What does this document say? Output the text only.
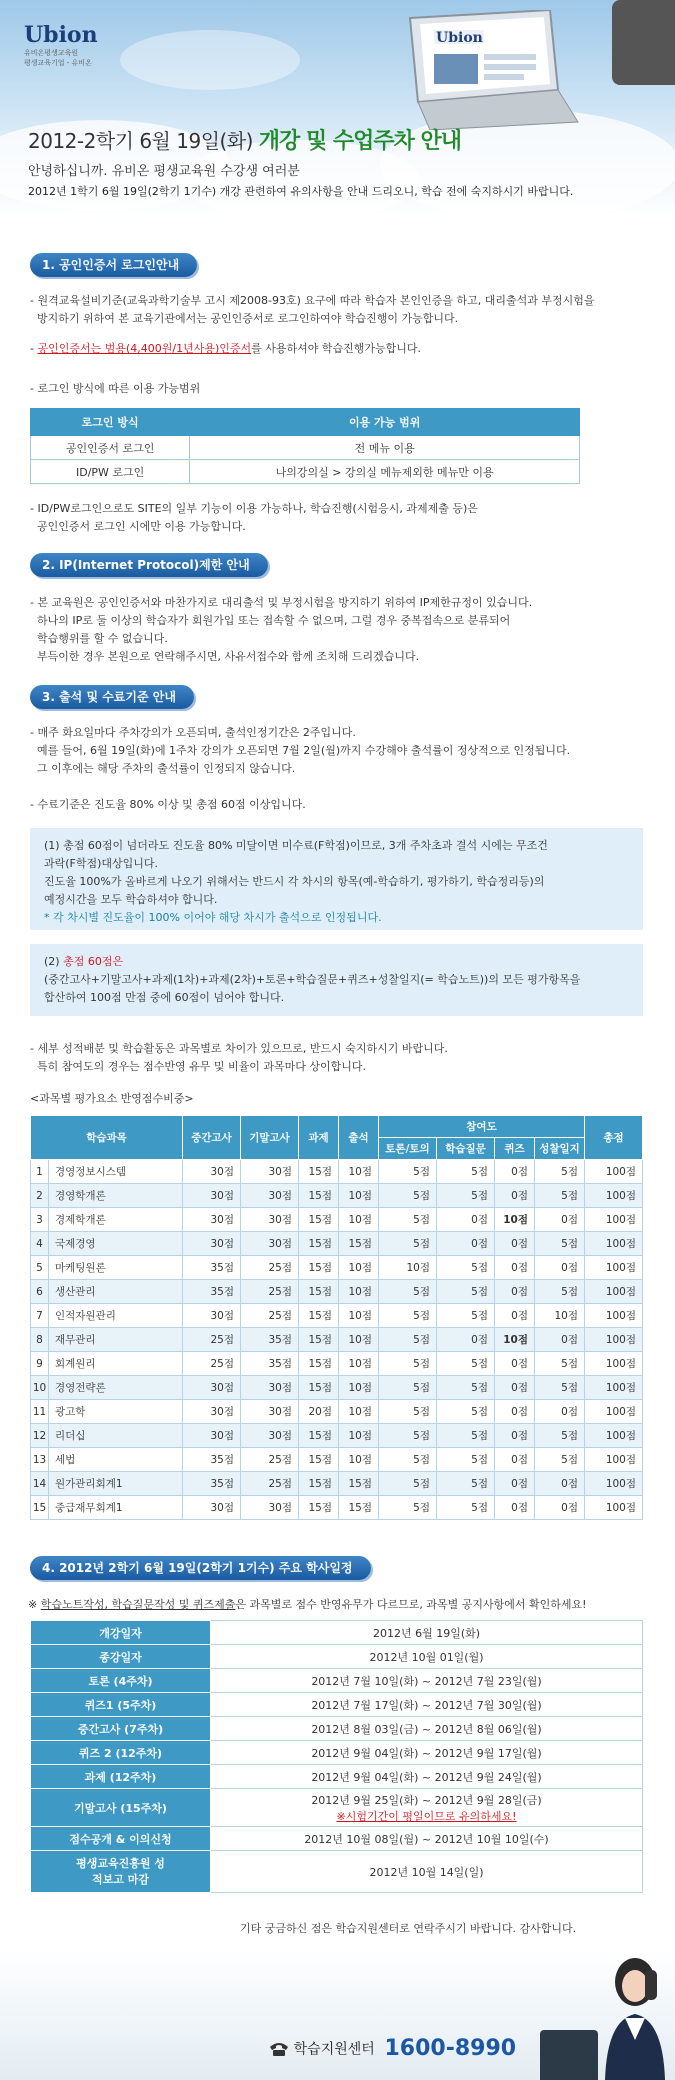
Ubion
유비온평생교육원
평생교육기업 - 유비온
Ubion
2012-2학기 6월 19일(화) 개강 및 수업주차 안내
안녕하십니까. 유비온 평생교육원 수강생 여러분
2012년 1학기 6월 19일(2학기 1기수) 개강 관련하여 유의사항을 안내 드리오니, 학습 전에 숙지하시기 바랍니다.
1. 공인인증서 로그인안내
- 원격교육설비기준(교육과학기술부 고시 제2008-93호) 요구에 따라 학습자 본인인증을 하고, 대리출석과 부정시험을
방지하기 위하여 본 교육기관에서는 공인인증서로 로그인하여야 학습진행이 가능합니다.
- 공인인증서는 범용(4,400원/1년사용)인증서를 사용하셔야 학습진행가능합니다.
- 로그인 방식에 따른 이용 가능범위
로그인 방식	이용 가능 범위
공인인증서 로그인	전 메뉴 이용
ID/PW 로그인	나의강의실 > 강의실 메뉴제외한 메뉴만 이용
- ID/PW로그인으로도 SITE의 일부 기능이 이용 가능하나, 학습진행(시험응시, 과제제출 등)은
공인인증서 로그인 시에만 이용 가능합니다.
2. IP(Internet Protocol)제한 안내
- 본 교육원은 공인인증서와 마찬가지로 대리출석 및 부정시험을 방지하기 위하여 IP제한규정이 있습니다.
하나의 IP로 둘 이상의 학습자가 회원가입 또는 접속할 수 없으며, 그럴 경우 중복접속으로 분류되어
학습행위를 할 수 없습니다.
부득이한 경우 본원으로 연락해주시면, 사유서접수와 함께 조치해 드리겠습니다.
3. 출석 및 수료기준 안내
- 매주 화요일마다 주차강의가 오픈되며, 출석인정기간은 2주입니다.
예를 들어, 6월 19일(화)에 1주차 강의가 오픈되면 7월 2일(월)까지 수강해야 출석률이 정상적으로 인정됩니다.
그 이후에는 해당 주차의 출석률이 인정되지 않습니다.
- 수료기준은 진도율 80% 이상 및 총점 60점 이상입니다.
(1) 총점 60점이 넘더라도 진도율 80% 미달이면 미수료(F학점)이므로, 3개 주차초과 결석 시에는 무조건
과락(F학점)대상입니다.
진도율 100%가 올바르게 나오기 위해서는 반드시 각 차시의 항목(예-학습하기, 평가하기, 학습정리등)의
예정시간을 모두 학습하셔야 합니다.
* 각 차시별 진도율이 100% 이어야 해당 차시가 출석으로 인정됩니다.
(2) 총점 60점은
(중간고사+기말고사+과제(1차)+과제(2차)+토론+학습질문+퀴즈+성찰일지(= 학습노트))의 모든 평가항목을
합산하여 100점 만점 중에 60점이 넘어야 합니다.
- 세부 성적배분 및 학습활동은 과목별로 차이가 있으므로, 반드시 숙지하시기 바랍니다.
특히 참여도의 경우는 점수반영 유무 및 비율이 과목마다 상이합니다.
<과목별 평가요소 반영점수비중>
학습과목		중간고사	기말고사	과제	출석	참여도				총점
						토론/토의	학습질문	퀴즈	성찰일지	
1	경영정보시스템	30점	30점	15점	10점	5점	5점	0점	5점	100점
2	경영학개론	30점	30점	15점	10점	5점	5점	0점	5점	100점
3	경제학개론	30점	30점	15점	10점	5점	0점	10점	0점	100점
4	국제경영	30점	30점	15점	15점	5점	0점	0점	5점	100점
5	마케팅원론	35점	25점	15점	10점	10점	5점	0점	0점	100점
6	생산관리	35점	25점	15점	10점	5점	5점	0점	5점	100점
7	인적자원관리	30점	25점	15점	10점	5점	5점	0점	10점	100점
8	재무관리	25점	35점	15점	10점	5점	0점	10점	0점	100점
9	회계원리	25점	35점	15점	10점	5점	5점	0점	5점	100점
10	경영전략론	30점	30점	15점	10점	5점	5점	0점	5점	100점
11	광고학	30점	30점	20점	10점	5점	5점	0점	0점	100점
12	리더십	30점	30점	15점	10점	5점	5점	0점	5점	100점
13	세법	35점	25점	15점	10점	5점	5점	0점	5점	100점
14	원가관리회계1	35점	25점	15점	15점	5점	5점	0점	0점	100점
15	중급재무회계1	30점	30점	15점	15점	5점	5점	0점	0점	100점
4. 2012년 2학기 6월 19일(2학기 1기수) 주요 학사일정
※ 학습노트작성, 학습질문작성 및 퀴즈제출은 과목별로 점수 반영유무가 다르므로, 과목별 공지사항에서 확인하세요!
개강일자	2012년 6월 19일(화)

종강일자	2012년 10월 01일(월)

토론 (4주차)	2012년 7월 10일(화) ~ 2012년 7월 23일(월)

퀴즈1 (5주차)	2012년 7월 17일(화) ~ 2012년 7월 30일(월)

중간고사 (7주차)	2012년 8월 03일(금) ~ 2012년 8월 06일(월)

퀴즈 2 (12주차)	2012년 9월 04일(화) ~ 2012년 9월 17일(월)

과제 (12주차)	2012년 9월 04일(화) ~ 2012년 9월 24일(월)

기말고사 (15주차)	2012년 9월 25일(화) ~ 2012년 9월 28일(금)
※시험기간이 평일이므로 유의하세요!

점수공개 & 이의신청	2012년 10월 08일(월) ~ 2012년 10월 10일(수)

평생교육진흥원 성적보고 마감	2012년 10월 14일(일)
기타 궁금하신 점은 학습지원센터로 연락주시기 바랍니다. 감사합니다.
학습지원센터 1600-8990
